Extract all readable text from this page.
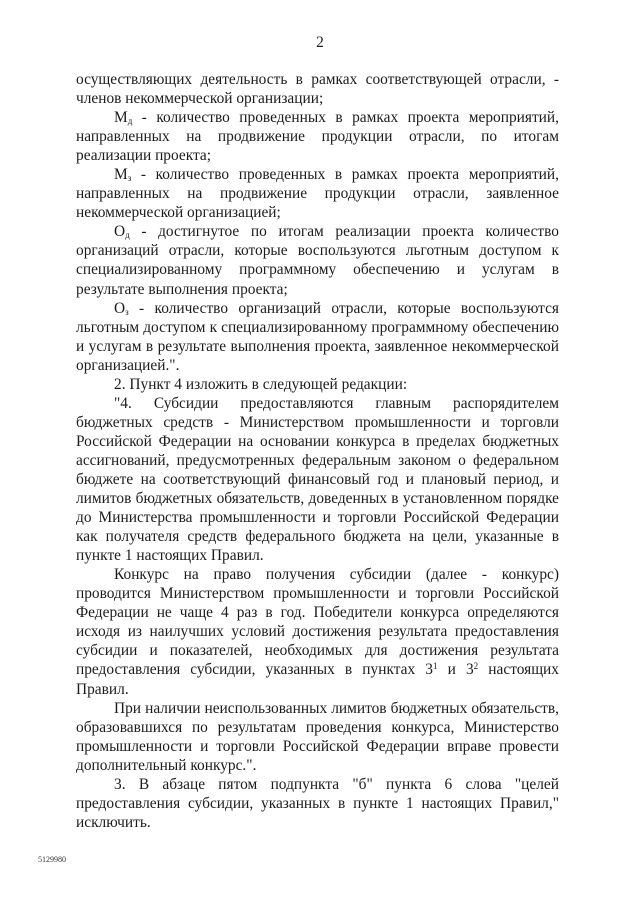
2

осуществляющих деятельность в рамках соответствующей отрасли, - членов некоммерческой организации;

$М_д$ - количество проведенных в рамках проекта мероприятий, направленных на продвижение продукции отрасли, по итогам реализации проекта;

$М_з$ - количество проведенных в рамках проекта мероприятий, направленных на продвижение продукции отрасли, заявленное некоммерческой организацией;

$О_д$ - достигнутое по итогам реализации проекта количество организаций отрасли, которые воспользуются льготным доступом к специализированному программному обеспечению и услугам в результате выполнения проекта;

$О_з$ - количество организаций отрасли, которые воспользуются льготным доступом к специализированному программному обеспечению и услугам в результате выполнения проекта, заявленное некоммерческой организацией.".

2. Пункт 4 изложить в следующей редакции:

"4. Субсидии предоставляются главным распорядителем бюджетных средств - Министерством промышленности и торговли Российской Федерации на основании конкурса в пределах бюджетных ассигнований, предусмотренных федеральным законом о федеральном бюджете на соответствующий финансовый год и плановый период, и лимитов бюджетных обязательств, доведенных в установленном порядке до Министерства промышленности и торговли Российской Федерации как получателя средств федерального бюджета на цели, указанные в пункте 1 настоящих Правил.

Конкурс на право получения субсидии (далее - конкурс) проводится Министерством промышленности и торговли Российской Федерации не чаще 4 раз в год. Победители конкурса определяются исходя из наилучших условий достижения результата предоставления субсидии и показателей, необходимых для достижения результата предоставления субсидии, указанных в пунктах $3^1$ и $3^2$ настоящих Правил.

При наличии неиспользованных лимитов бюджетных обязательств, образовавшихся по результатам проведения конкурса, Министерство промышленности и торговли Российской Федерации вправе провести дополнительный конкурс.".

3. В абзаце пятом подпункта "б" пункта 6 слова "целей предоставления субсидии, указанных в пункте 1 настоящих Правил," исключить.

5129980
